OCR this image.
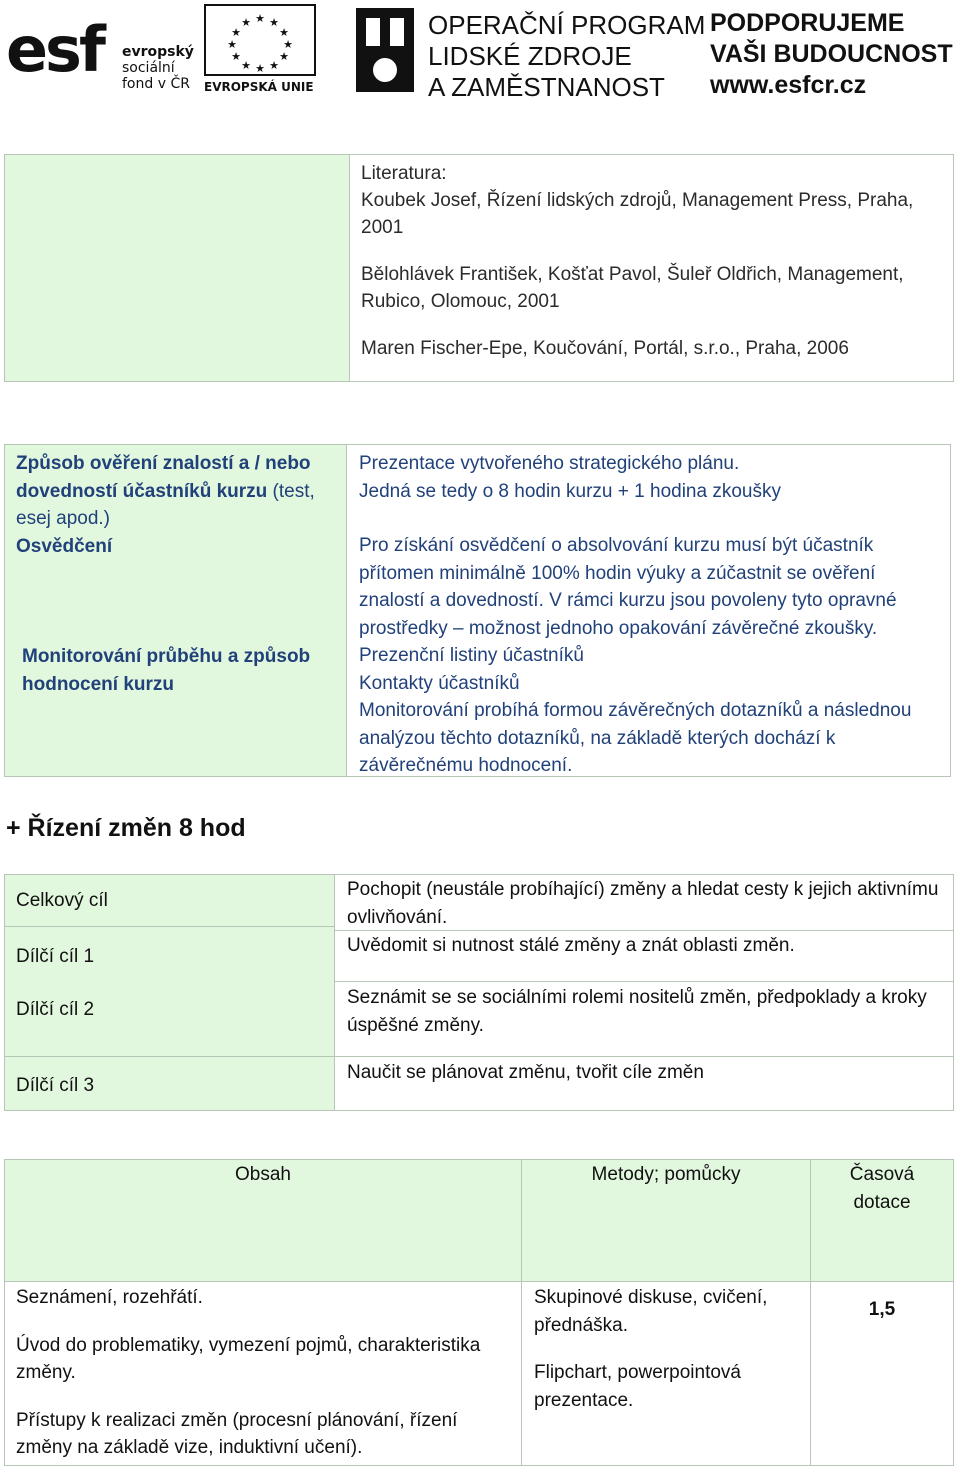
esf evropský
sociální
fond v ČR
★ ★
★
★
★
★
★
★
★
★
★
★
EVROPSKÁ UNIE
OPERAČNÍ PROGRAM
LIDSKÉ ZDROJE
A ZAMĚSTNANOST
PODPORUJEME
VAŠI BUDOUCNOST
www.esfcr.cz

Literatura:

Koubek Josef, Řízení lidských zdrojů, Management Press, Praha, 2001

Bělohlávek František, Košťat Pavol, Šuleř Oldřich, Management, Rubico, Olomouc, 2001

Maren Fischer-Epe, Koučování, Portál, s.r.o., Praha, 2006

Způsob ověření znalostí a / nebo dovedností účastníků kurzu (test, esej apod.)

Osvědčení

Monitorování průběhu a způsob hodnocení kurzu

Prezentace vytvořeného strategického plánu.

Jedná se tedy o 8 hodin kurzu + 1 hodina zkoušky

Pro získání osvědčení o absolvování kurzu musí být účastník přítomen minimálně 100% hodin výuky a zúčastnit se ověření znalostí a dovedností. V rámci kurzu jsou povoleny tyto opravné prostředky – možnost jednoho opakování závěrečné zkoušky.

Prezenční listiny účastníků

Kontakty účastníků

Monitorování probíhá formou závěrečných dotazníků a následnou analýzou těchto dotazníků, na základě kterých dochází k závěrečnému hodnocení.

+ Řízení změn 8 hod

Celkový cíl

Dílčí cíl 1

Dílčí cíl 2

Dílčí cíl 3

Pochopit (neustále probíhající) změny a hledat cesty k jejich aktivnímu ovlivňování.

Uvědomit si nutnost stálé změny a znát oblasti změn.

Seznámit se se sociálními rolemi nositelů změn, předpoklady a kroky úspěšné změny.

Naučit se plánovat změnu, tvořit cíle změn

Obsah	Metody; pomůcky	Časová

dotace

Seznámení, rozehřátí.

Úvod do problematiky, vymezení pojmů, charakteristika změny.

Přístupy k realizaci změn (procesní plánování, řízení změny na základě vize, induktivní učení).

Skupinové diskuse, cvičení, přednáška.

Flipchart, powerpointová prezentace.

1,5
